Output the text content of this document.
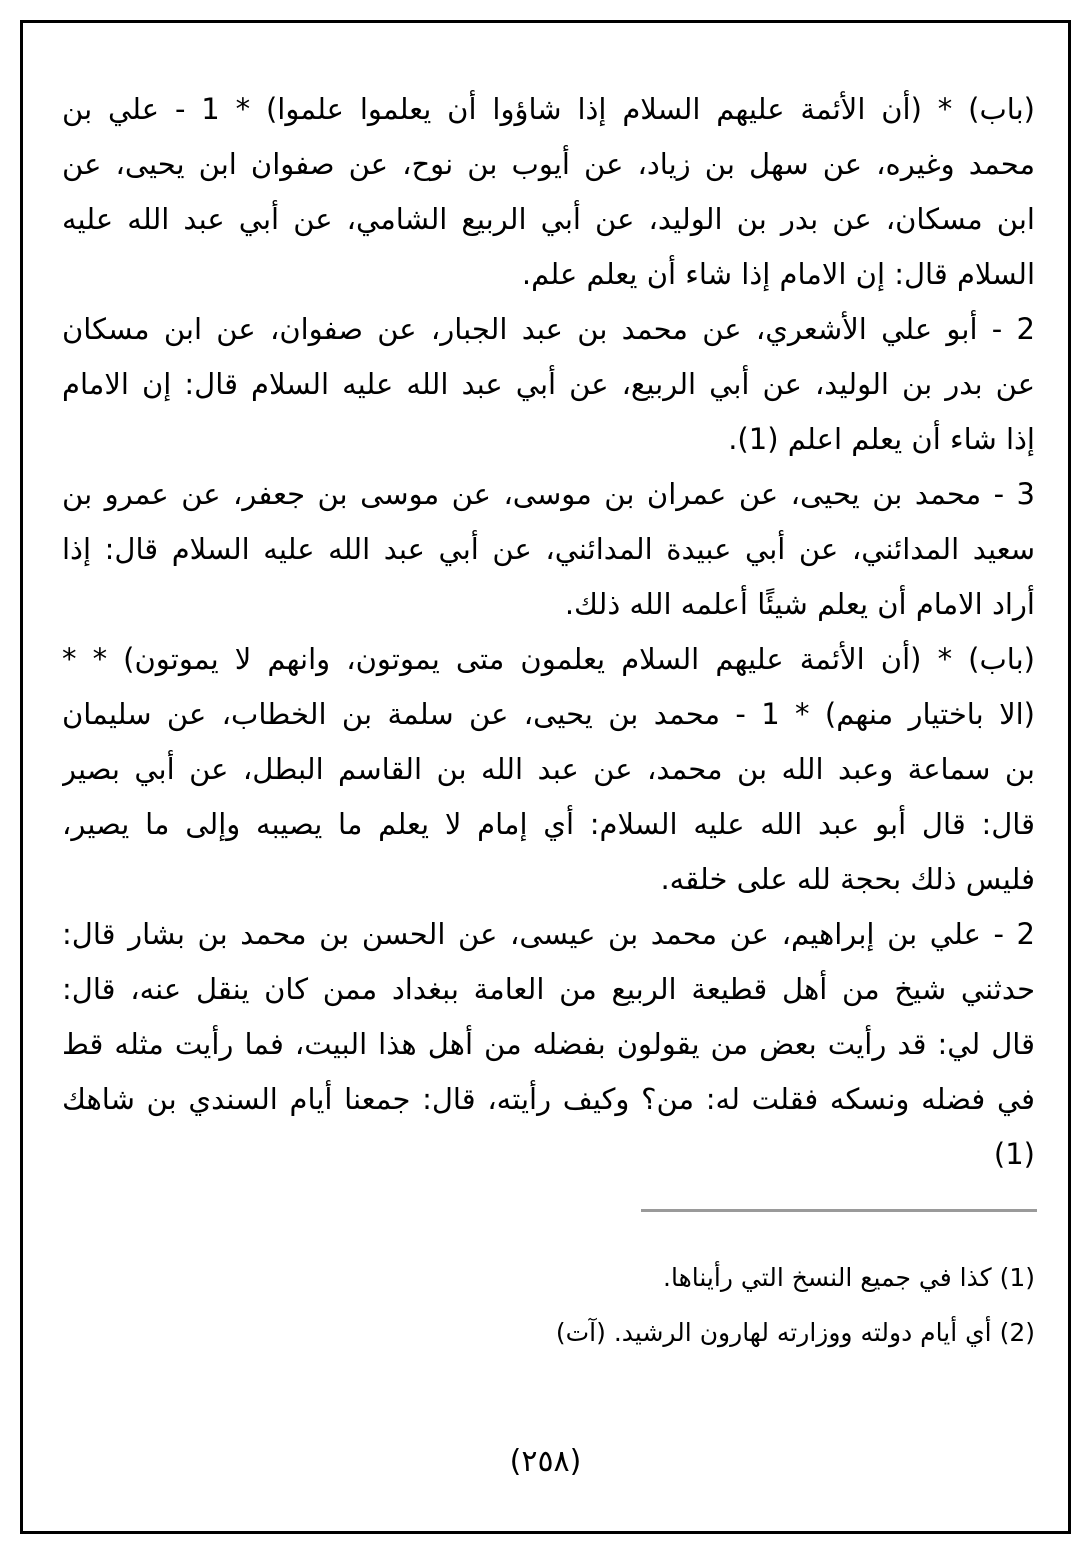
(باب) * (أن الأئمة عليهم السلام إذا شاؤوا أن يعلموا علموا) * 1 - علي بن
محمد وغيره، عن سهل بن زياد، عن أيوب بن نوح، عن صفوان ابن يحيى، عن
ابن مسكان، عن بدر بن الوليد، عن أبي الربيع الشامي، عن أبي عبد الله عليه
السلام قال: إن الامام إذا شاء أن يعلم علم.
2 - أبو علي الأشعري، عن محمد بن عبد الجبار، عن صفوان، عن ابن مسكان
عن بدر بن الوليد، عن أبي الربيع، عن أبي عبد الله عليه السلام قال: إن الامام
إذا شاء أن يعلم اعلم (1).
3 - محمد بن يحيى، عن عمران بن موسى، عن موسى بن جعفر، عن عمرو بن
سعيد المدائني، عن أبي عبيدة المدائني، عن أبي عبد الله عليه السلام قال: إذا
أراد الامام أن يعلم شيئًا أعلمه الله ذلك.
(باب) * (أن الأئمة عليهم السلام يعلمون متى يموتون، وانهم لا يموتون) * *
(الا باختيار منهم) * 1 - محمد بن يحيى، عن سلمة بن الخطاب، عن سليمان
بن سماعة وعبد الله بن محمد، عن عبد الله بن القاسم البطل، عن أبي بصير
قال: قال أبو عبد الله عليه السلام: أي إمام لا يعلم ما يصيبه وإلى ما يصير،
فليس ذلك بحجة لله على خلقه.
2 - علي بن إبراهيم، عن محمد بن عيسى، عن الحسن بن محمد بن بشار قال:
حدثني شيخ من أهل قطيعة الربيع من العامة ببغداد ممن كان ينقل عنه، قال:
قال لي: قد رأيت بعض من يقولون بفضله من أهل هذا البيت، فما رأيت مثله قط
في فضله ونسكه فقلت له: من؟ وكيف رأيته، قال: جمعنا أيام السندي بن شاهك
(1)
(1) كذا في جميع النسخ التي رأيناها.
(2) أي أيام دولته ووزارته لهارون الرشيد. (آت)
(٢٥٨)
